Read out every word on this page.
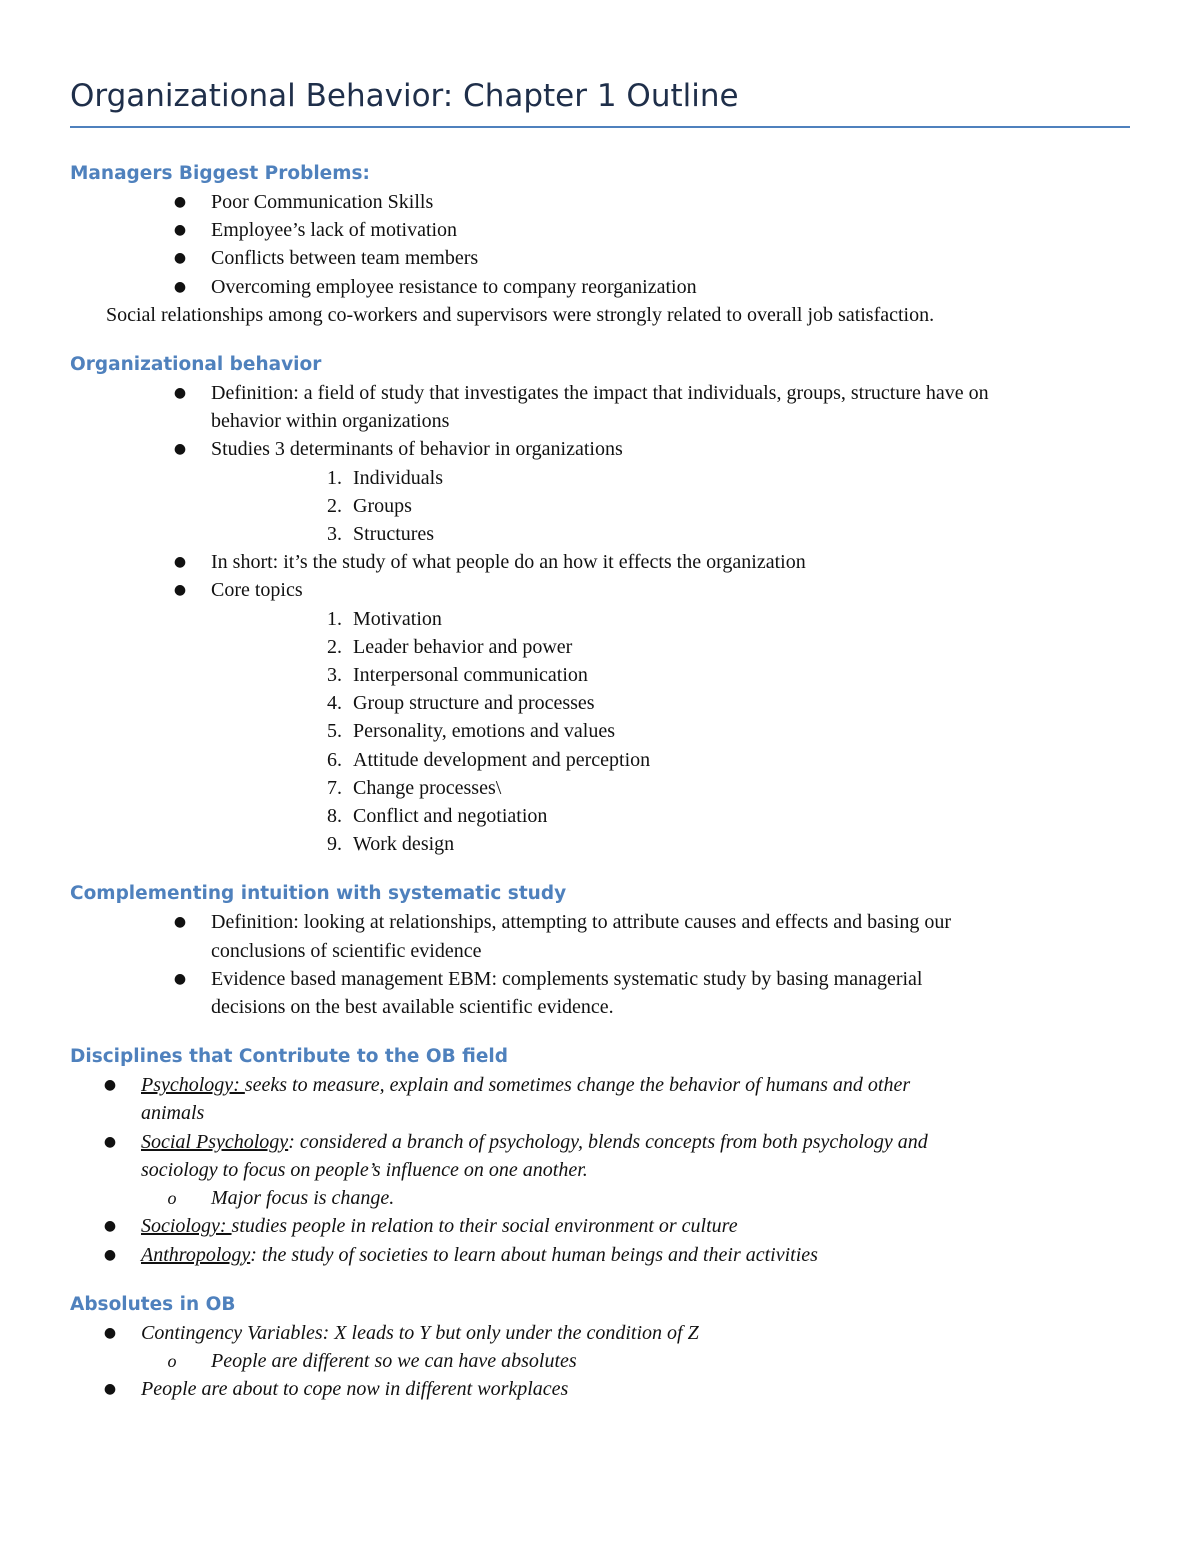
Organizational Behavior: Chapter 1 Outline
Managers Biggest Problems:
● Poor Communication Skills
● Employee’s lack of motivation
● Conflicts between team members
● Overcoming employee resistance to company reorganization
Social relationships among co-workers and supervisors were strongly related to overall job satisfaction.
Organizational behavior
● Definition: a field of study that investigates the impact that individuals, groups, structure have on
behavior within organizations
● Studies 3 determinants of behavior in organizations
1. Individuals
2. Groups
3. Structures
● In short: it’s the study of what people do an how it effects the organization
● Core topics
1. Motivation
2. Leader behavior and power
3. Interpersonal communication
4. Group structure and processes
5. Personality, emotions and values
6. Attitude development and perception
7. Change processes\
8. Conflict and negotiation
9. Work design
Complementing intuition with systematic study
● Definition: looking at relationships, attempting to attribute causes and effects and basing our
conclusions of scientific evidence
● Evidence based management EBM: complements systematic study by basing managerial
decisions on the best available scientific evidence.
Disciplines that Contribute to the OB field
● Psychology: seeks to measure, explain and sometimes change the behavior of humans and other
animals
● Social Psychology: considered a branch of psychology, blends concepts from both psychology and
sociology to focus on people’s influence on one another.
o Major focus is change.
● Sociology: studies people in relation to their social environment or culture
● Anthropology: the study of societies to learn about human beings and their activities
Absolutes in OB
● Contingency Variables: X leads to Y but only under the condition of Z
o People are different so we can have absolutes
● People are about to cope now in different workplaces
